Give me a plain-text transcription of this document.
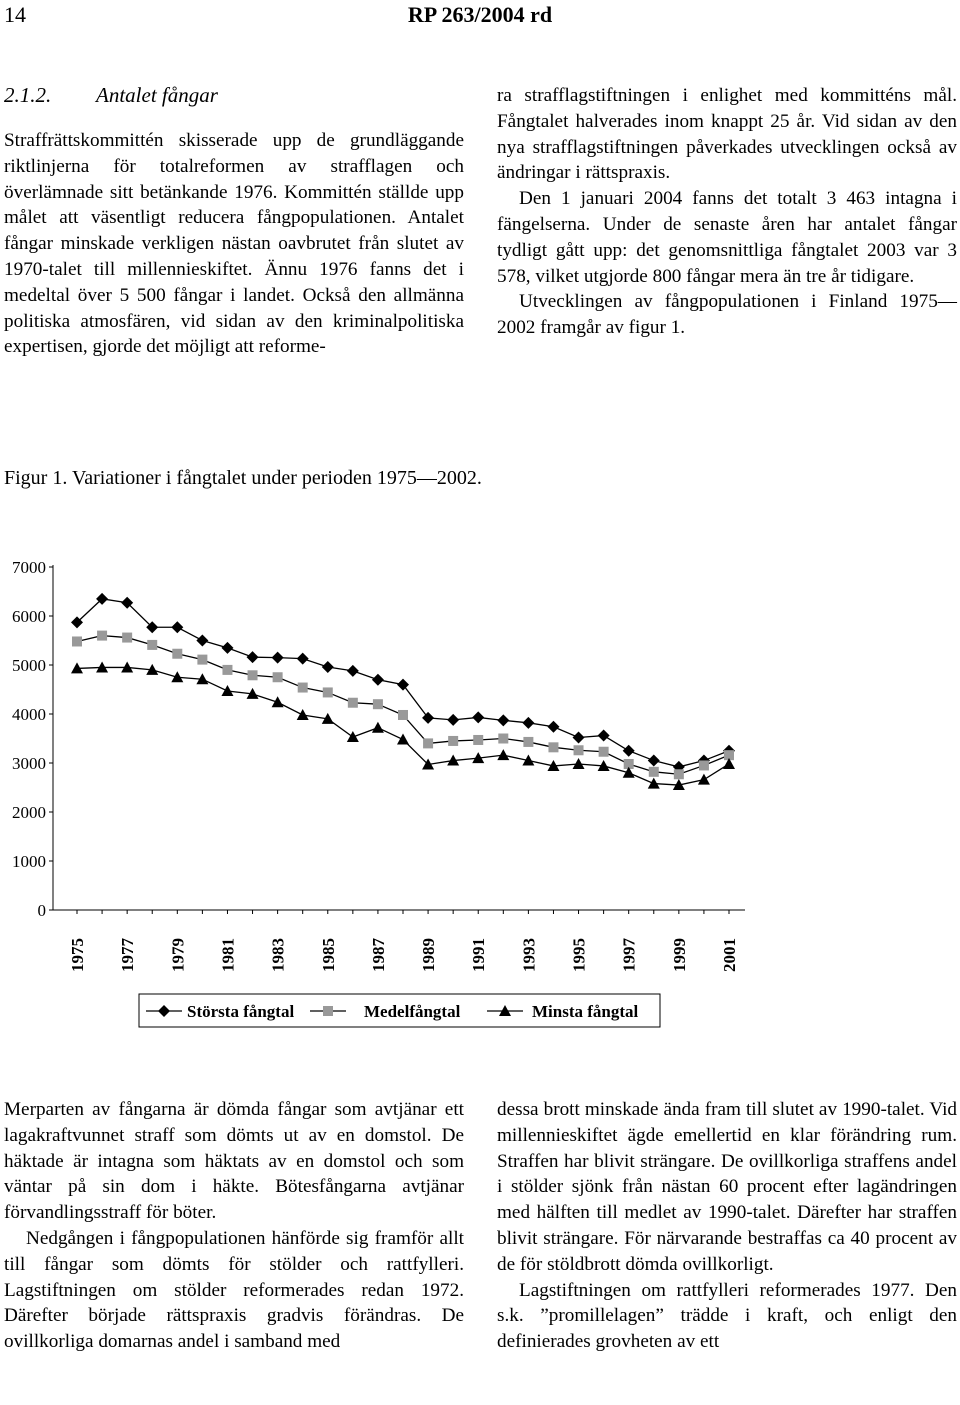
14	RP 263/2004 rd
2.1.2. Antalet fångar

Straffrättskommittén skisserade upp de grundläggande riktlinjerna för totalreformen av strafflagen och överlämnade sitt betänkande 1976. Kommittén ställde upp målet att väsentligt reducera fångpopulationen. Antalet fångar minskade verkligen nästan oavbrutet från slutet av 1970-talet till millennieskiftet. Ännu 1976 fanns det i medeltal över 5 500 fångar i landet. Också den allmänna politiska atmosfären, vid sidan av den kriminalpolitiska expertisen, gjorde det möjligt att reforme-

ra strafflagstiftningen i enlighet med kommitténs mål. Fångtalet halverades inom knappt 25 år. Vid sidan av den nya strafflagstiftningen påverkades utvecklingen också av ändringar i rättspraxis.

Den 1 januari 2004 fanns det totalt 3 463 intagna i fängelserna. Under de senaste åren har antalet fångar tydligt gått upp: det genomsnittliga fångtalet 2003 var 3 578, vilket utgjorde 800 fångar mera än tre år tidigare.

Utvecklingen av fångpopulationen i Finland 1975—2002 framgår av figur 1.

Figur 1. Variationer i fångtalet under perioden 1975—2002.
0
1000
2000
3000
4000
5000
6000
7000
1975 1977 1979 1981 1983 1985 1987 1989 1991 1993 1995 1997 1999 2001
Största fångtal	Medelfångtal	Minsta fångtal

Merparten av fångarna är dömda fångar som avtjänar ett lagakraftvunnet straff som dömts ut av en domstol. De häktade är intagna som häktats av en domstol och som väntar på sin dom i häkte. Bötesfångarna avtjänar förvandlingsstraff för böter.

Nedgången i fångpopulationen hänförde sig framför allt till fångar som dömts för stölder och rattfylleri. Lagstiftningen om stölder reformerades redan 1972. Därefter började rättspraxis gradvis förändras. De ovillkorliga domarnas andel i samband med

dessa brott minskade ända fram till slutet av 1990-talet. Vid millennieskiftet ägde emellertid en klar förändring rum. Straffen har blivit strängare. De ovillkorliga straffens andel i stölder sjönk från nästan 60 procent efter lagändringen med hälften till medlet av 1990-talet. Därefter har straffen blivit strängare. För närvarande bestraffas ca 40 procent av de för stöldbrott dömda ovillkorligt.

Lagstiftningen om rattfylleri reformerades 1977. Den s.k. ”promillelagen” trädde i kraft, och enligt den definierades grovheten av ett
